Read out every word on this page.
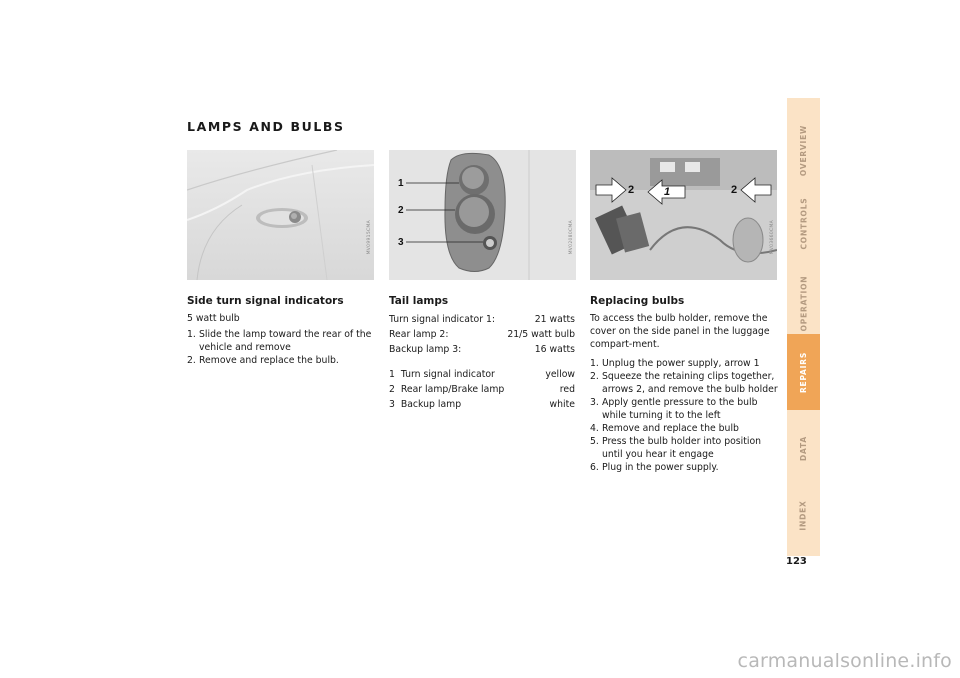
LAMPS AND BULBS
MV09915CMA
1
2
3	MV02080CMA
2	1	2
MV03660CMA
Side turn signal indicators

5 watt bulb

1. Slide the lamp toward the rear of the vehicle and remove
2. Remove and replace the bulb.
Tail lamps
Turn signal indicator 1:	21 watts
Rear lamp 2:	21/5 watt bulb
Backup lamp 3:	16 watts
1  Turn signal indicator	yellow
2  Rear lamp/Brake lamp	red
3  Backup lamp	white
Replacing bulbs

To access the bulb holder, remove the cover on the side panel in the luggage compart-ment.

1. Unplug the power supply, arrow 1
2. Squeeze the retaining clips together, arrows 2, and remove the bulb holder
3. Apply gentle pressure to the bulb while turning it to the left
4. Remove and replace the bulb
5. Press the bulb holder into position until you hear it engage
6. Plug in the power supply.
OVERVIEW
CONTROLS
OPERATION
REPAIRS
DATA
INDEX
123
carmanualsonline.info
